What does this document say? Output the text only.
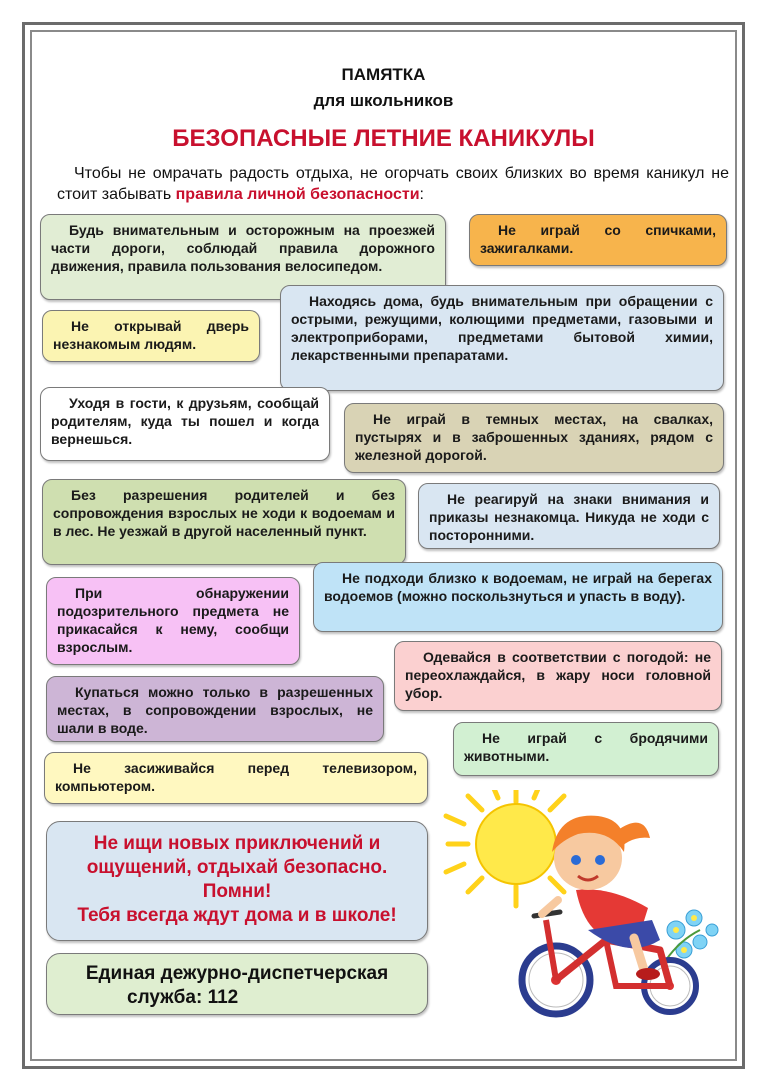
ПАМЯТКА
для школьников
БЕЗОПАСНЫЕ ЛЕТНИЕ КАНИКУЛЫ
Чтобы не омрачать радость отдыха, не огорчать своих близких во время каникул не стоит забывать правила личной безопасности:
Будь внимательным и осторожным на проезжей части дороги, соблюдай правила дорожного движения, правила пользования велосипедом.
Не играй со спичками, зажигалками.
Находясь дома, будь внимательным при обращении с острыми, режущими, колющими предметами, газовыми и электроприборами, предметами бытовой химии, лекарственными препаратами.
Не открывай дверь незнакомым людям.
Уходя в гости, к друзьям, сообщай родителям, куда ты пошел и когда вернешься.
Не играй в темных местах, на свалках, пустырях и в заброшенных зданиях, рядом с железной дорогой.
Без разрешения родителей и без сопровождения взрослых не ходи к водоемам и в лес. Не уезжай в другой населенный пункт.
Не реагируй на знаки внимания и приказы незнакомца. Никуда не ходи с посторонними.
При обнаружении подозрительного предмета не прикасайся к нему, сообщи взрослым.
Не подходи близко к водоемам, не играй на берегах водоемов (можно поскользнуться и упасть в воду).
Одевайся в соответствии с погодой: не переохлаждайся, в жару носи головной убор.
Купаться можно только в разрешенных местах, в сопровождении взрослых, не шали в воде.
Не играй с бродячими животными.
Не засиживайся перед телевизором, компьютером.
Не ищи новых приключений и
ощущений, отдыхай безопасно.
Помни!
Тебя всегда ждут дома и в школе!
Единая дежурно-диспетчерская
служба: 112
